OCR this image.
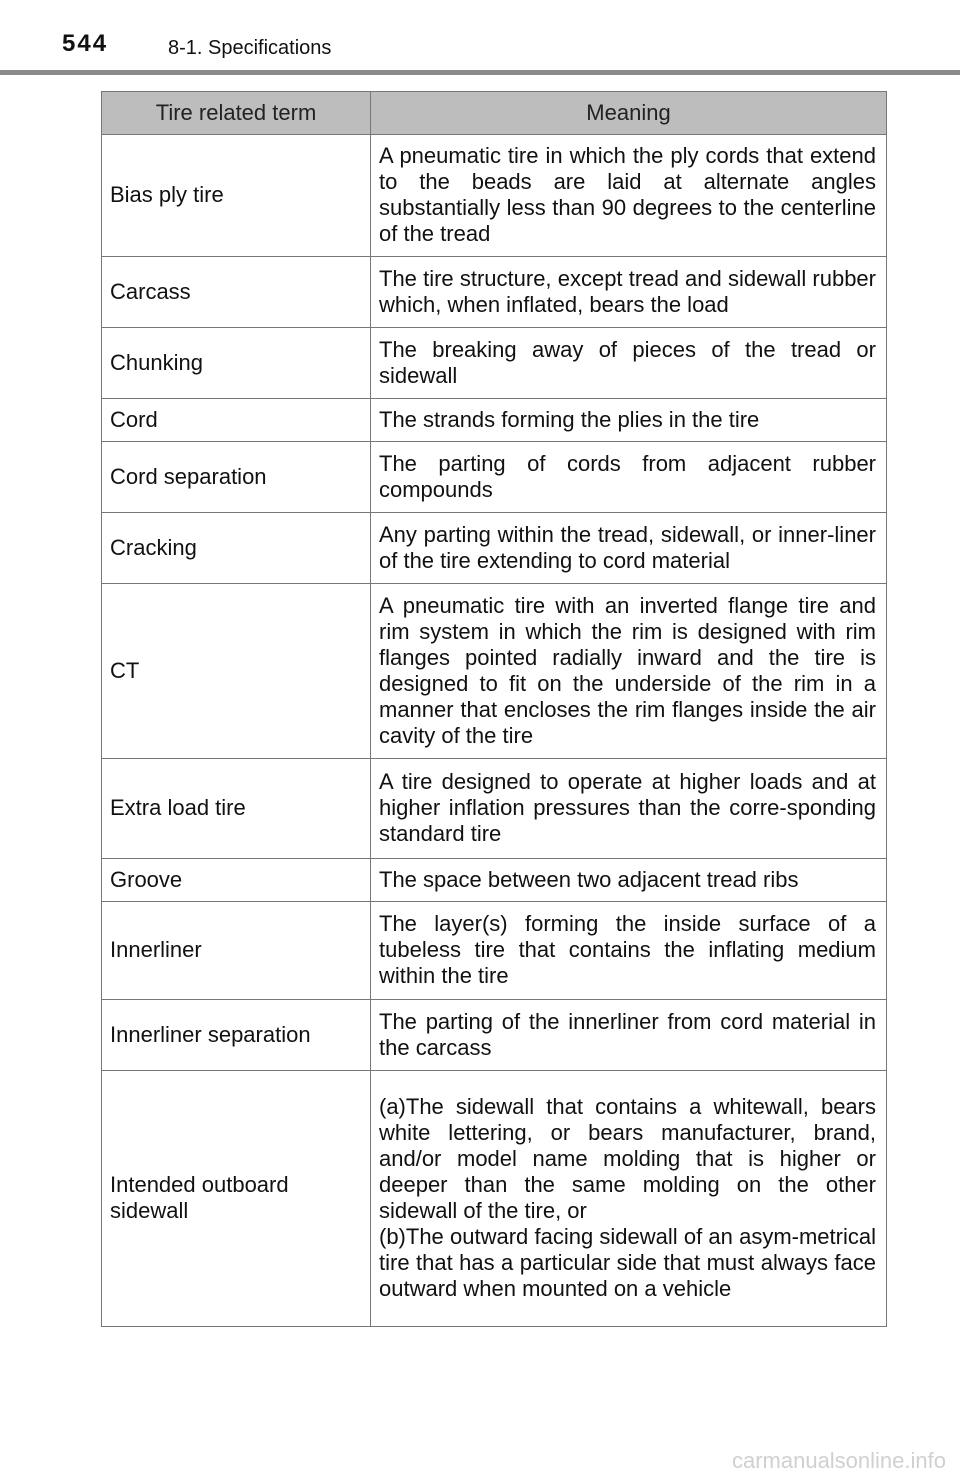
544	8-1. Specifications
Tire related term	Meaning
Bias ply tire	A pneumatic tire in which the ply cords that extend to the beads are laid at alternate angles substantially less than 90 degrees to the centerline of the tread

Carcass	The tire structure, except tread and sidewall rubber which, when inflated, bears the load

Chunking	The breaking away of pieces of the tread or sidewall

Cord	The strands forming the plies in the tire

Cord separation	The parting of cords from adjacent rubber compounds

Cracking	Any parting within the tread, sidewall, or inner-liner of the tire extending to cord material

CT	A pneumatic tire with an inverted flange tire and rim system in which the rim is designed with rim flanges pointed radially inward and the tire is designed to fit on the underside of the rim in a manner that encloses the rim flanges inside the air cavity of the tire

Extra load tire	A tire designed to operate at higher loads and at higher inflation pressures than the corre-sponding standard tire

Groove	The space between two adjacent tread ribs

Innerliner	The layer(s) forming the inside surface of a tubeless tire that contains the inflating medium within the tire

Innerliner separation	The parting of the innerliner from cord material in the carcass

Intended outboard sidewall	(a)The sidewall that contains a whitewall, bears white lettering, or bears manufacturer, brand, and/or model name molding that is higher or deeper than the same molding on the other sidewall of the tire, or
(b)The outward facing sidewall of an asym-metrical tire that has a particular side that must always face outward when mounted on a vehicle
carmanualsonline.info
